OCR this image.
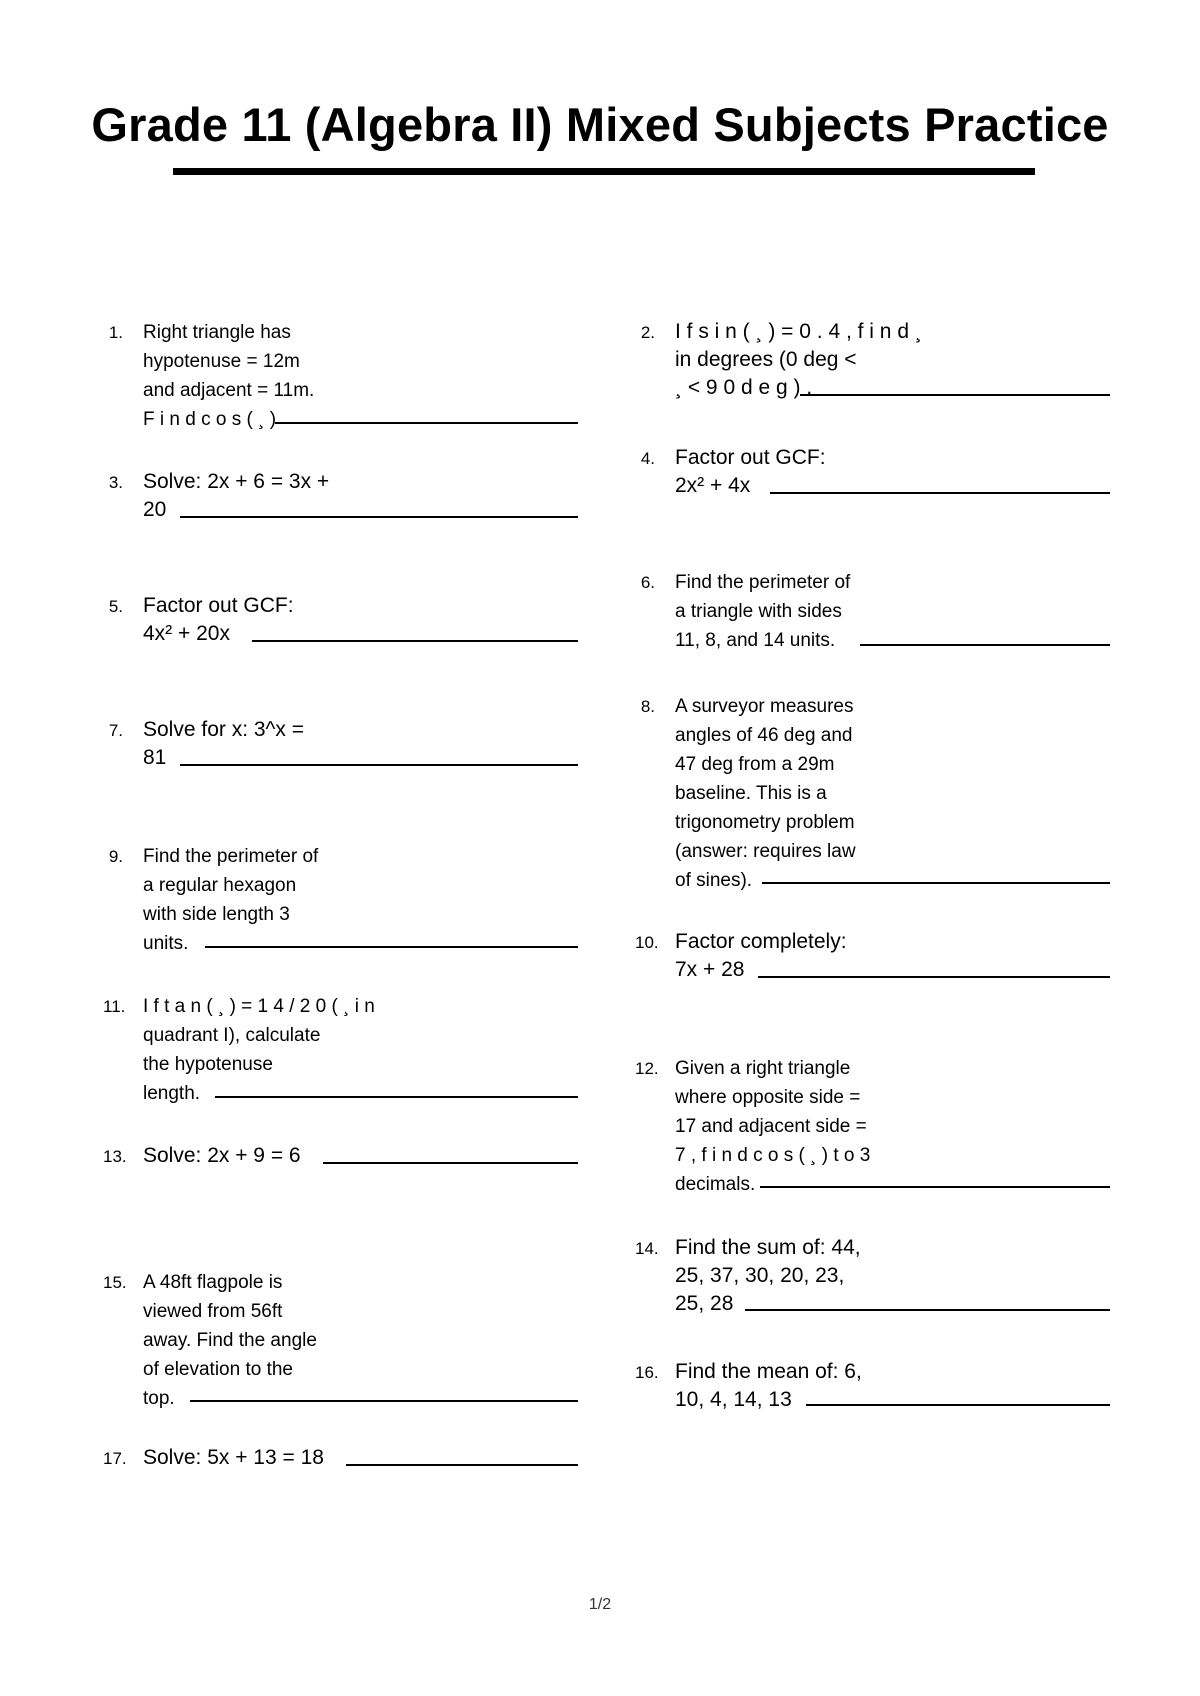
Grade 11 (Algebra II) Mixed Subjects Practice
1. Right triangle has
hypotenuse = 12m
and adjacent = 11m.
F i n d c o s ( ¸ )
2. I f s i n ( ¸ ) = 0 . 4 , f i n d ¸
in degrees (0 deg <
¸ < 9 0 d e g ) .
3. Solve: 2x + 6 = 3x +
20
4. Factor out GCF:
2x² + 4x
5. Factor out GCF:
4x² + 20x
6. Find the perimeter of
a triangle with sides
11, 8, and 14 units.
7. Solve for x: 3^x =
81
8. A surveyor measures
angles of 46 deg and
47 deg from a 29m
baseline. This is a
trigonometry problem
(answer: requires law
of sines).
9. Find the perimeter of
a regular hexagon
with side length 3
units.	10. Factor completely:
7x + 28
11. I f t a n ( ¸ ) = 1 4 / 2 0 ( ¸ i n
quadrant I), calculate
the hypotenuse
length.
12. Given a right triangle
where opposite side =
17 and adjacent side =
7 , f i n d c o s ( ¸ ) t o 3
decimals.
13. Solve: 2x + 9 = 6
14. Find the sum of: 44,
25, 37, 30, 20, 23,
25, 28
15. A 48ft flagpole is
viewed from 56ft
away. Find the angle
of elevation to the
top.
16. Find the mean of: 6,
10, 4, 14, 13
17. Solve: 5x + 13 = 18
1/2
